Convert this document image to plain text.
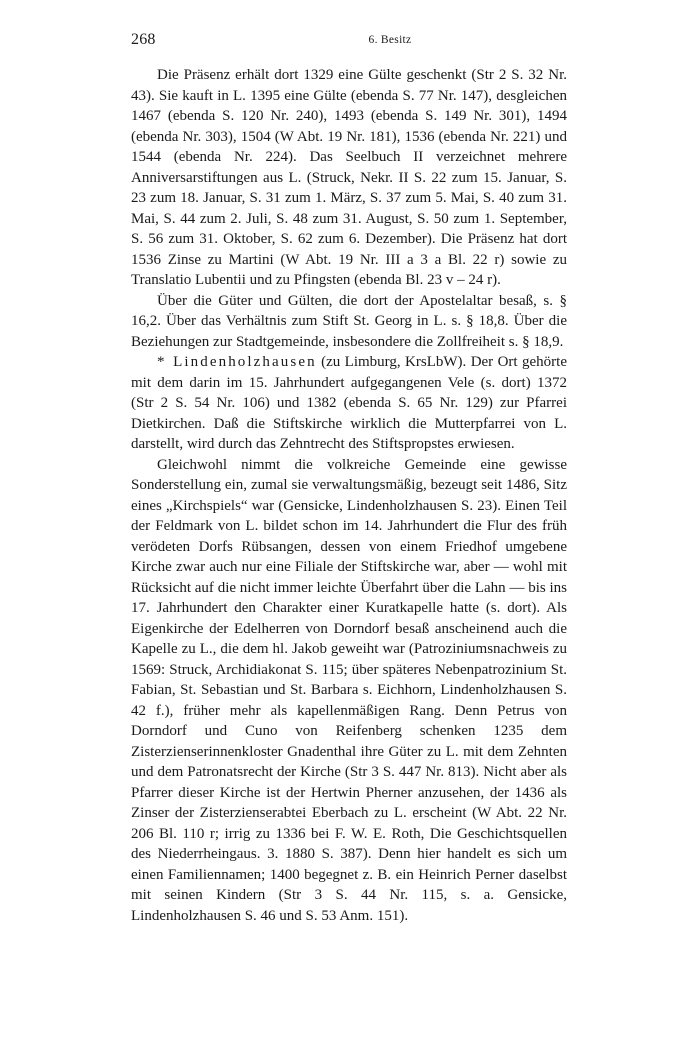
268	6. Besitz

Die Präsenz erhält dort 1329 eine Gülte geschenkt (Str 2 S. 32 Nr. 43). Sie kauft in L. 1395 eine Gülte (ebenda S. 77 Nr. 147), desgleichen 1467 (ebenda S. 120 Nr. 240), 1493 (ebenda S. 149 Nr. 301), 1494 (ebenda Nr. 303), 1504 (W Abt. 19 Nr. 181), 1536 (ebenda Nr. 221) und 1544 (ebenda Nr. 224). Das Seelbuch II verzeichnet mehrere Anniversarstiftungen aus L. (Struck, Nekr. II S. 22 zum 15. Januar, S. 23 zum 18. Januar, S. 31 zum 1. März, S. 37 zum 5. Mai, S. 40 zum 31. Mai, S. 44 zum 2. Juli, S. 48 zum 31. August, S. 50 zum 1. September, S. 56 zum 31. Oktober, S. 62 zum 6. Dezember). Die Präsenz hat dort 1536 Zinse zu Martini (W Abt. 19 Nr. III a 3 a Bl. 22 r) sowie zu Translatio Lubentii und zu Pfingsten (ebenda Bl. 23 v – 24 r).

Über die Güter und Gülten, die dort der Apostelaltar besaß, s. § 16,2. Über das Verhältnis zum Stift St. Georg in L. s. § 18,8. Über die Beziehungen zur Stadtgemeinde, insbesondere die Zollfreiheit s. § 18,9.

* Lindenholzhausen (zu Limburg, KrsLbW). Der Ort gehörte mit dem darin im 15. Jahrhundert aufgegangenen Vele (s. dort) 1372 (Str 2 S. 54 Nr. 106) und 1382 (ebenda S. 65 Nr. 129) zur Pfarrei Dietkirchen. Daß die Stiftskirche wirklich die Mutterpfarrei von L. darstellt, wird durch das Zehntrecht des Stiftspropstes erwiesen.

Gleichwohl nimmt die volkreiche Gemeinde eine gewisse Sonderstellung ein, zumal sie verwaltungsmäßig, bezeugt seit 1486, Sitz eines „Kirchspiels“ war (Gensicke, Lindenholzhausen S. 23). Einen Teil der Feldmark von L. bildet schon im 14. Jahrhundert die Flur des früh verödeten Dorfs Rübsangen, dessen von einem Friedhof umgebene Kirche zwar auch nur eine Filiale der Stiftskirche war, aber — wohl mit Rücksicht auf die nicht immer leichte Überfahrt über die Lahn — bis ins 17. Jahrhundert den Charakter einer Kuratkapelle hatte (s. dort). Als Eigenkirche der Edelherren von Dorndorf besaß anscheinend auch die Kapelle zu L., die dem hl. Jakob geweiht war (Patroziniumsnachweis zu 1569: Struck, Archidiakonat S. 115; über späteres Nebenpatrozinium St. Fabian, St. Sebastian und St. Barbara s. Eichhorn, Lindenholzhausen S. 42 f.), früher mehr als kapellenmäßigen Rang. Denn Petrus von Dorndorf und Cuno von Reifenberg schenken 1235 dem Zisterzienserinnenkloster Gnadenthal ihre Güter zu L. mit dem Zehnten und dem Patronatsrecht der Kirche (Str 3 S. 447 Nr. 813). Nicht aber als Pfarrer dieser Kirche ist der Hertwin Pherner anzusehen, der 1436 als Zinser der Zisterzienserabtei Eberbach zu L. erscheint (W Abt. 22 Nr. 206 Bl. 110 r; irrig zu 1336 bei F. W. E. Roth, Die Geschichtsquellen des Niederrheingaus. 3. 1880 S. 387). Denn hier handelt es sich um einen Familiennamen; 1400 begegnet z. B. ein Heinrich Perner daselbst mit seinen Kindern (Str 3 S. 44 Nr. 115, s. a. Gensicke, Lindenholzhausen S. 46 und S. 53 Anm. 151).
